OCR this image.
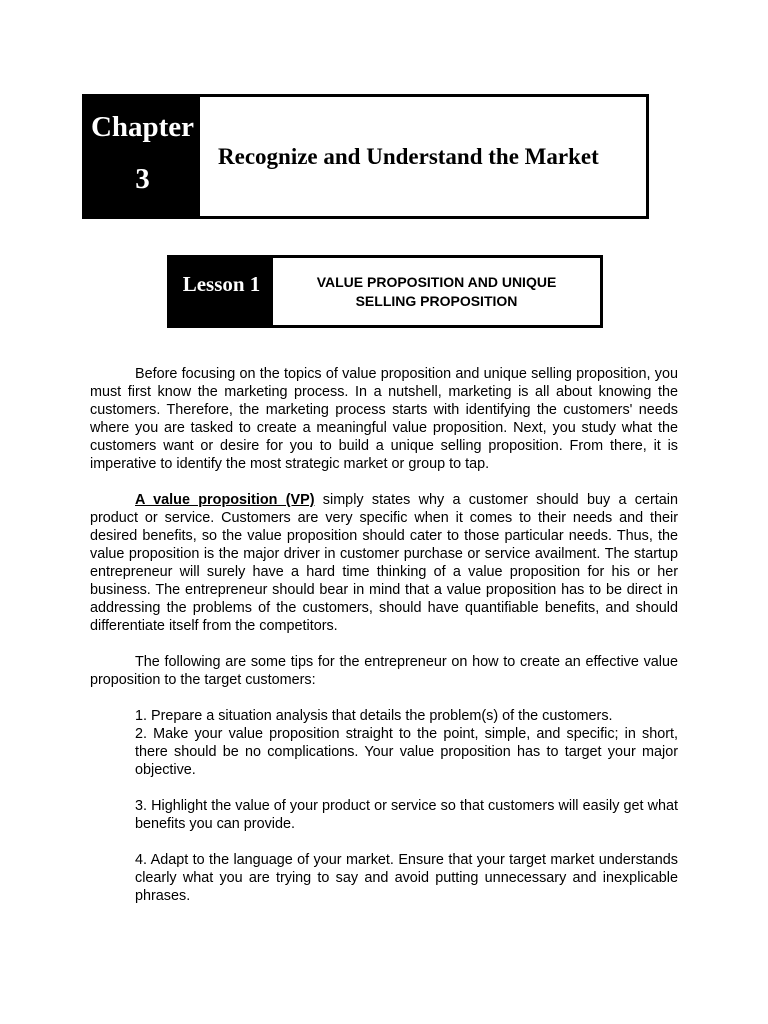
Chapter
3
Recognize and Understand the Market
Lesson 1	VALUE PROPOSITION AND UNIQUE
SELLING PROPOSITION

Before focusing on the topics of value proposition and unique selling proposition, you must first know the marketing process. In a nutshell, marketing is all about knowing the customers. Therefore, the marketing process starts with identifying the customers' needs where you are tasked to create a meaningful value proposition. Next, you study what the customers want or desire for you to build a unique selling proposition. From there, it is imperative to identify the most strategic market or group to tap.

A value proposition (VP) simply states why a customer should buy a certain product or service. Customers are very specific when it comes to their needs and their desired benefits, so the value proposition should cater to those particular needs. Thus, the value proposition is the major driver in customer purchase or service availment. The startup entrepreneur will surely have a hard time thinking of a value proposition for his or her business. The entrepreneur should bear in mind that a value proposition has to be direct in addressing the problems of the customers, should have quantifiable benefits, and should differentiate itself from the competitors.

The following are some tips for the entrepreneur on how to create an effective value proposition to the target customers:

1. Prepare a situation analysis that details the problem(s) of the customers.

2. Make your value proposition straight to the point, simple, and specific; in short, there should be no complications. Your value proposition has to target your major objective.

3. Highlight the value of your product or service so that customers will easily get what benefits you can provide.

4. Adapt to the language of your market. Ensure that your target market understands clearly what you are trying to say and avoid putting unnecessary and inexplicable phrases.
